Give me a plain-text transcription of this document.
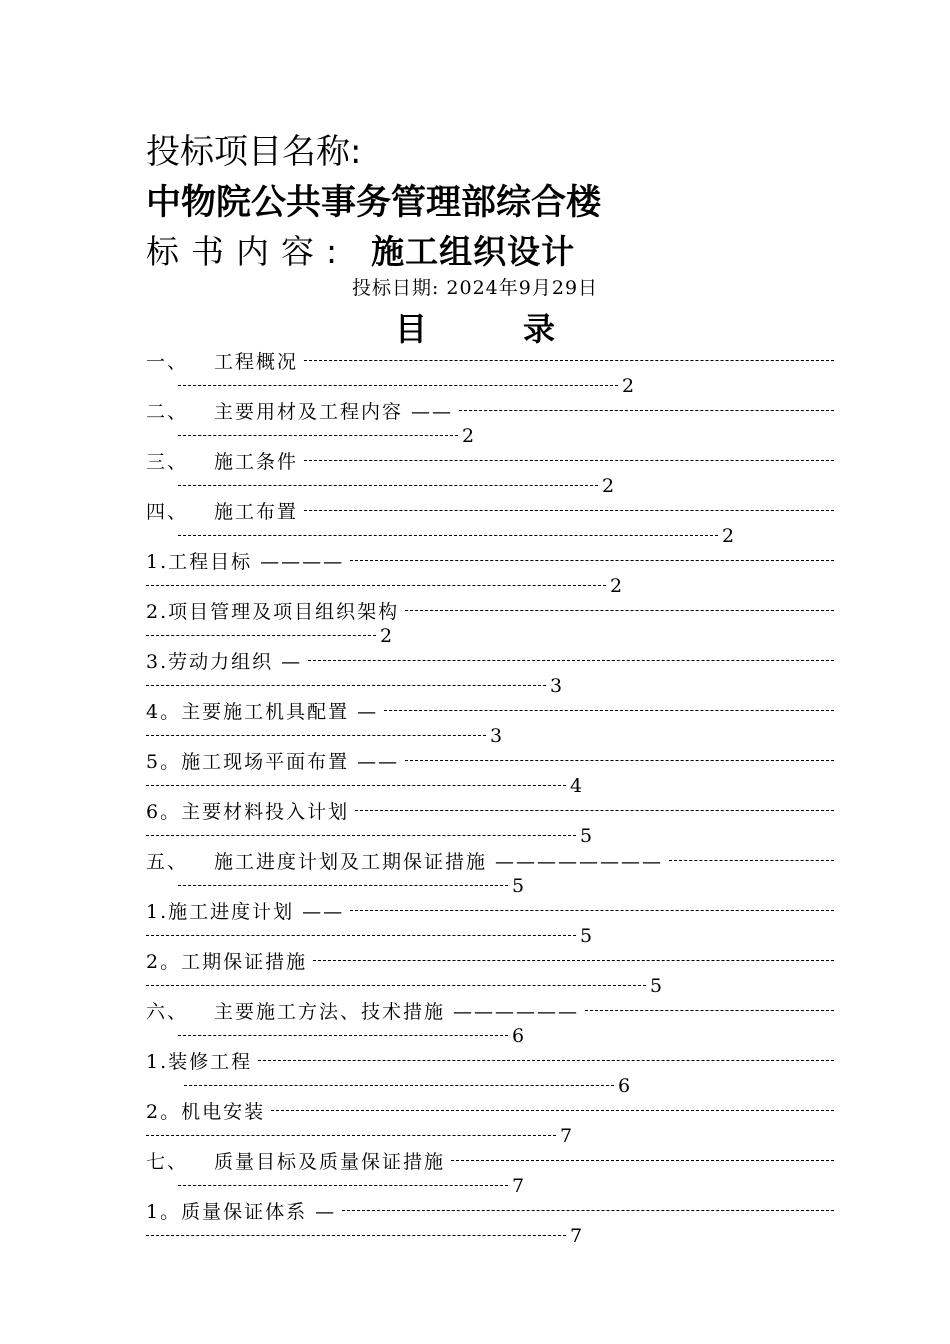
投标项目名称:
中物院公共事务管理部综合楼
标书内容: 施工组织设计
投标日期: 2024年9月29日
目录
一、 工程概况
2
二、 主要用材及工程内容 ——
2
三、 施工条件
2
四、 施工布置
2
1.工程目标 ————
2
2.项目管理及项目组织架构
2
3.劳动力组织 —
3
4。主要施工机具配置 —
3
5。施工现场平面布置 ——
4
6。主要材料投入计划
5
五、 施工进度计划及工期保证措施 ————————
5
1.施工进度计划 ——
5
2。工期保证措施
5
六、 主要施工方法、技术措施 ——————
6
1.装修工程
6
2。机电安装
7
七、 质量目标及质量保证措施
7
1。质量保证体系 —
7
